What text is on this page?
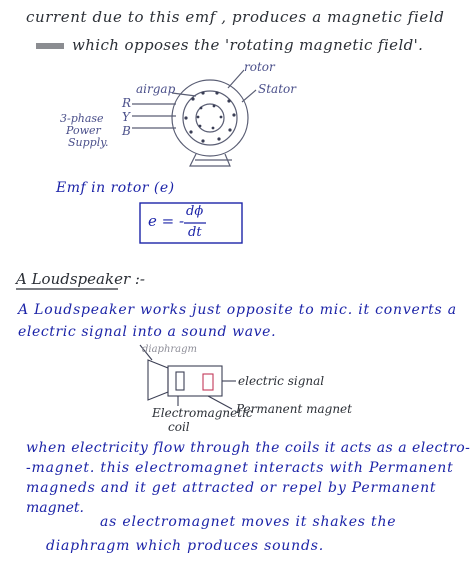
current due to this emf , produces a magnetic field
which opposes the 'rotating magnetic field'.
airgap
rotor
Stator
R
Y
B
3-phase
Power
Supply.
Emf in rotor (e)
e = -
dϕ
dt
A Loudspeaker :-
A Loudspeaker works just opposite to mic. it converts a
electric signal into a sound wave.
diaphragm
electric signal
Permanent magnet
Electromagnetic
coil
when electricity flow through the coils it acts as a electro-
-magnet. this electromagnet interacts with Permanent
magneds and it get attracted or repel by Permanent
magnet.
as electromagnet moves it shakes the
diaphragm which produces sounds.
